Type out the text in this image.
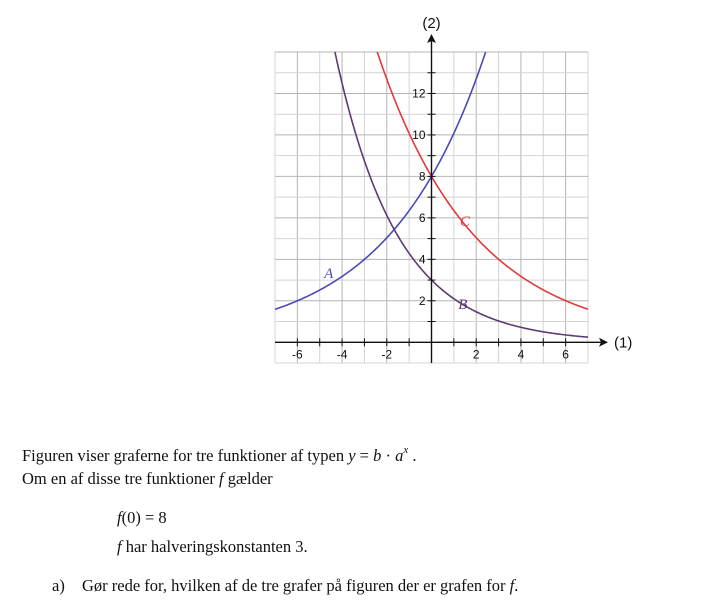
-6	-4	-2	2	4	6
2
4
6
8
10
12
(1)
(2)
A
B
C
Figuren viser graferne for tre funktioner af typen $y = b \cdot a^x$ .
Om en af disse tre funktioner f gælder
f(0) = 8
f har halveringskonstanten 3.
a) Gør rede for, hvilken af de tre grafer på figuren der er grafen for f.
